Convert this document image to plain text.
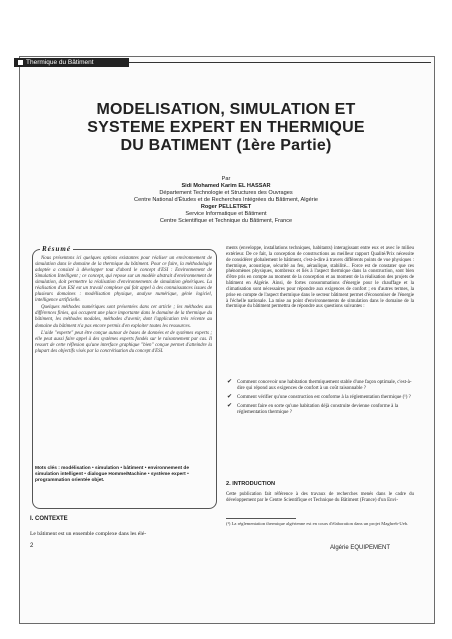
Thermique du Bâtiment
MODELISATION, SIMULATION ET
SYSTEME EXPERT EN THERMIQUE
DU BATIMENT (1ère Partie)
Par
Sidi Mohamed Karim EL HASSAR
Département Technologie et Structures des Ouvrages
Centre National d'Études et de Recherches Intégrées du Bâtiment, Algérie
Roger PELLETRET
Service Informatique et Bâtiment
Centre Scientifique et Technique du Bâtiment, France
Résumé

Nous présentons ici quelques options existantes pour réaliser un environnement de simulation dans le domaine de la thermique du bâtiment. Pour ce faire, la méthodologie adoptée a consisté à développer tout d'abord le concept d'ESI : Environnement de Simulation Intelligent ; ce concept, qui repose sur un modèle abstrait d'environnement de simulation, doit permettre la réalisation d'environnements de simulation génériques. La réalisation d'un ESI est un travail complexe qui fait appel à des connaissances issues de plusieurs domaines : modélisation physique, analyse numérique, génie logiciel, intelligence artificielle.

Quelques méthodes numériques sont présentées dans cet article ; les méthodes aux différences finies, qui occupent une place importante dans le domaine de la thermique du bâtiment, les méthodes modales, méthodes d'avenir, dont l'application très récente au domaine du bâtiment n'a pas encore permis d'en exploiter toutes les ressources.

L'aide "experte" peut être conçue autour de bases de données et de systèmes experts ; elle peut aussi faire appel à des systèmes experts fondés sur le raisonnement par cas. Il ressort de cette réflexion qu'une interface graphique "bien" conçue permet d'atteindre la plupart des objectifs visés par la concrétisation du concept d'ESI.

Mots clés : modélisation • simulation • bâtiment • environnement de simulation intelligent • dialogue Homme/Machine • système expert • programmation orientée objet.
I. CONTEXTE
Le bâtiment est un ensemble complexe dans les élé-

ments (enveloppe, installations techniques, habitants) interagissant entre eux et avec le milieu extérieur. De ce fait, la conception de constructions au meilleur rapport Qualité/Prix nécessite de considérer globalement le bâtiment, c'est-à-dire à travers différents points de vue physiques : thermique, acoustique, sécurité au feu, aéraulique, stabilité... Force est de constater que ces phénomènes physiques, nombreux et liés à l'aspect thermique dans la construction, sont bien d'être pris en compte au moment de la conception et au moment de la réalisation des projets de bâtiment en Algérie. Ainsi, de fortes consommations d'énergie pour le chauffage et la climatisation sont nécessaires pour répondre aux exigences de confort ; en d'autres termes, la prise en compte de l'aspect thermique dans le secteur bâtiment permet d'économiser de l'énergie à l'échelle nationale. La mise au point d'environnements de simulation dans le domaine de la thermique du bâtiment permettra de répondre aux questions suivantes :

✔ Comment concevoir une habitation thermiquement stable d'une façon optimale, c'est-à-dire qui répond aux exigences de confort à un coût raisonnable ?
✔ Comment vérifier qu'une construction est conforme à la réglementation thermique (¹) ?
✔ Comment faire en sorte qu'une habitation déjà construite devienne conforme à la réglementation thermique ?
2. INTRODUCTION
Cette publication fait référence à des travaux de recherches menés dans le cadre du développement par le Centre Scientifique et Technique du Bâtiment (France) d'un Envi-
(¹) La réglementation thermique algérienne est en cours d'élaboration dans un projet Maghreb-Ueb.
2	Algérie EQUIPEMENT
